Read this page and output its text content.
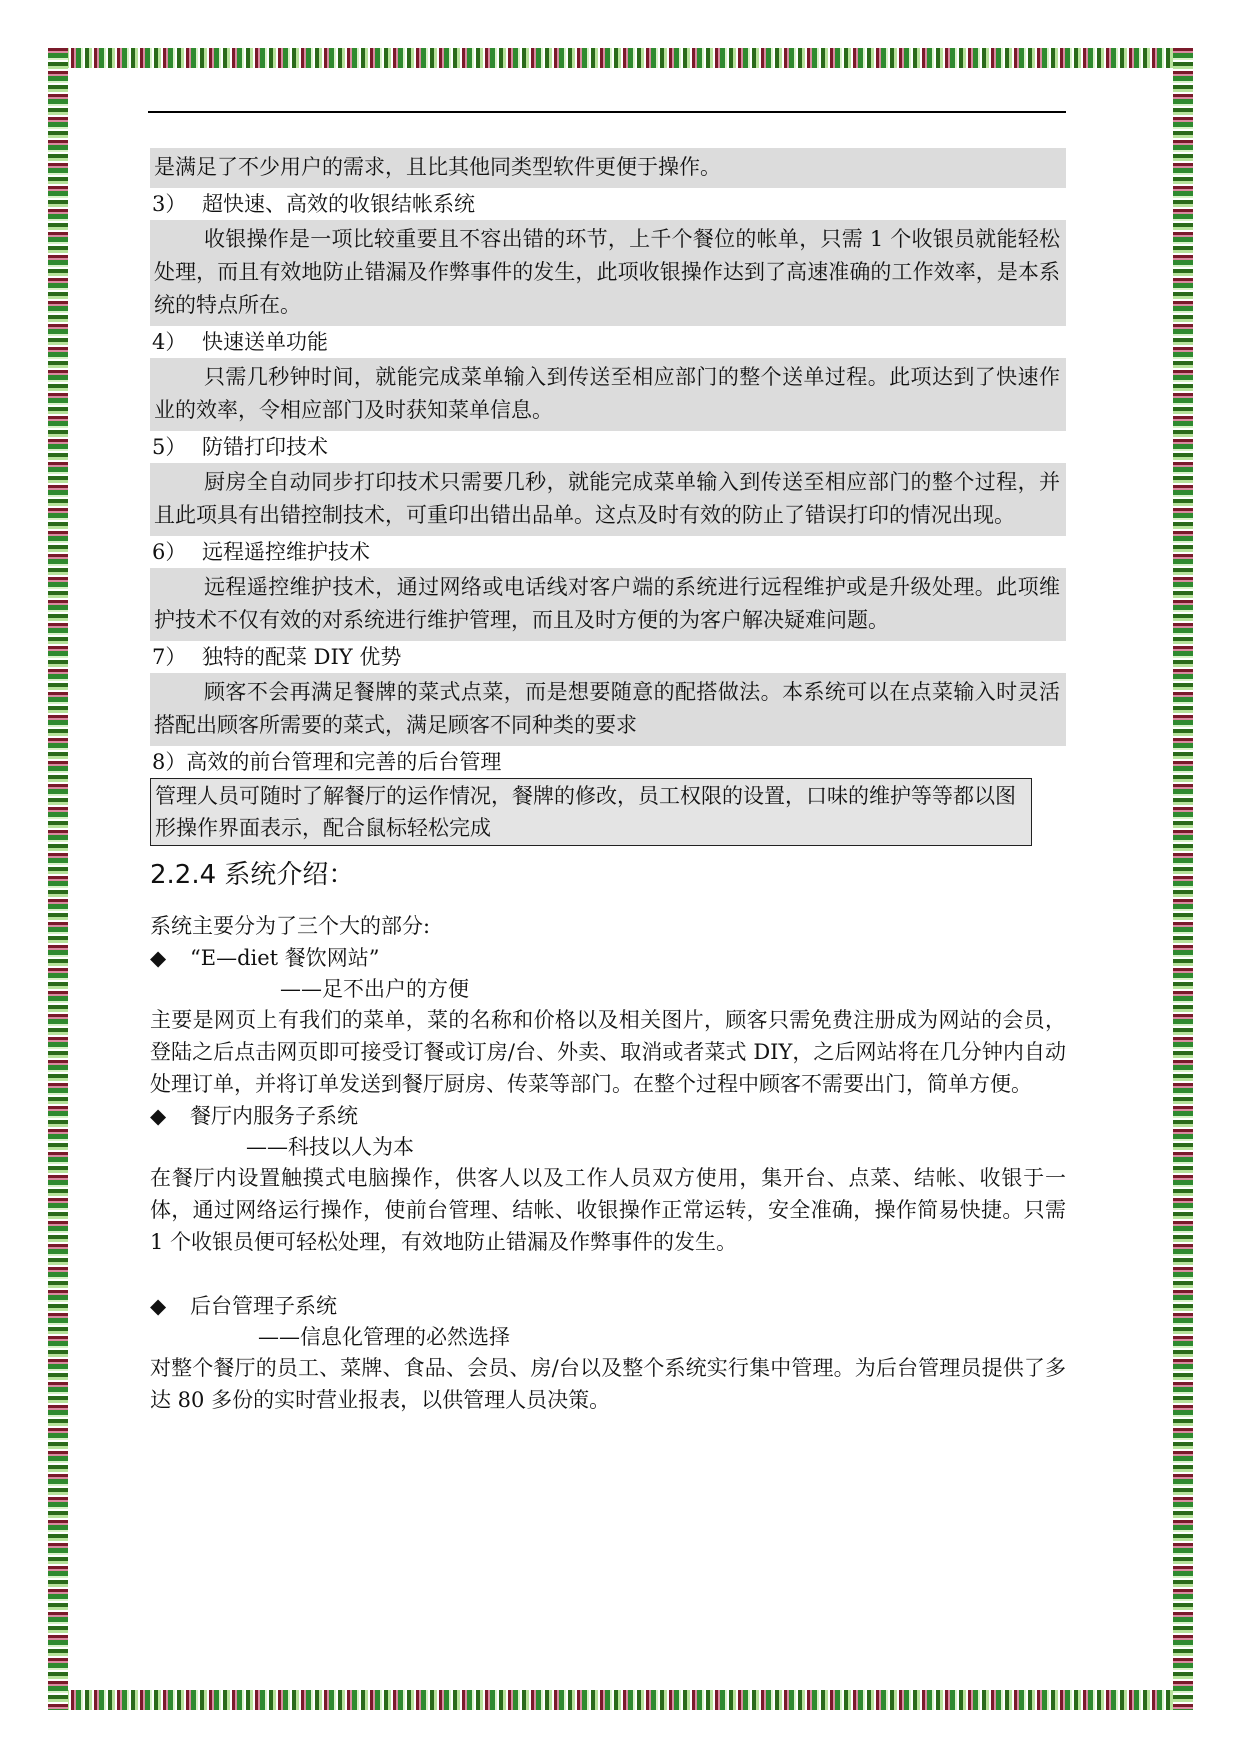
是满足了不少用户的需求，且比其他同类型软件更便于操作。

3） 超快速、高效的收银结帐系统

收银操作是一项比较重要且不容出错的环节，上千个餐位的帐单，只需 1 个收银员就能轻松处理，而且有效地防止错漏及作弊事件的发生，此项收银操作达到了高速准确的工作效率，是本系统的特点所在。

4） 快速送单功能

只需几秒钟时间，就能完成菜单输入到传送至相应部门的整个送单过程。此项达到了快速作业的效率，令相应部门及时获知菜单信息。

5） 防错打印技术

厨房全自动同步打印技术只需要几秒，就能完成菜单输入到传送至相应部门的整个过程，并且此项具有出错控制技术，可重印出错出品单。这点及时有效的防止了错误打印的情况出现。

6） 远程遥控维护技术

远程遥控维护技术，通过网络或电话线对客户端的系统进行远程维护或是升级处理。此项维护技术不仅有效的对系统进行维护管理，而且及时方便的为客户解决疑难问题。

7） 独特的配菜 DIY 优势

顾客不会再满足餐牌的菜式点菜，而是想要随意的配搭做法。本系统可以在点菜输入时灵活搭配出顾客所需要的菜式，满足顾客不同种类的要求

8）高效的前台管理和完善的后台管理

管理人员可随时了解餐厅的运作情况，餐牌的修改，员工权限的设置，口味的维护等等都以图形操作界面表示，配合鼠标轻松完成
2.2.4 系统介绍：

系统主要分为了三个大的部分:

◆ “E—diet 餐饮网站”

——足不出户的方便

主要是网页上有我们的菜单，菜的名称和价格以及相关图片，顾客只需免费注册成为网站的会员，登陆之后点击网页即可接受订餐或订房/台、外卖、取消或者菜式 DIY，之后网站将在几分钟内自动处理订单，并将订单发送到餐厅厨房、传菜等部门。在整个过程中顾客不需要出门，简单方便。

◆ 餐厅内服务子系统

——科技以人为本

在餐厅内设置触摸式电脑操作，供客人以及工作人员双方使用，集开台、点菜、结帐、收银于一体，通过网络运行操作，使前台管理、结帐、收银操作正常运转，安全准确，操作简易快捷。只需 1 个收银员便可轻松处理，有效地防止错漏及作弊事件的发生。

◆ 后台管理子系统

——信息化管理的必然选择

对整个餐厅的员工、菜牌、食品、会员、房/台以及整个系统实行集中管理。为后台管理员提供了多达 80 多份的实时营业报表，以供管理人员决策。
